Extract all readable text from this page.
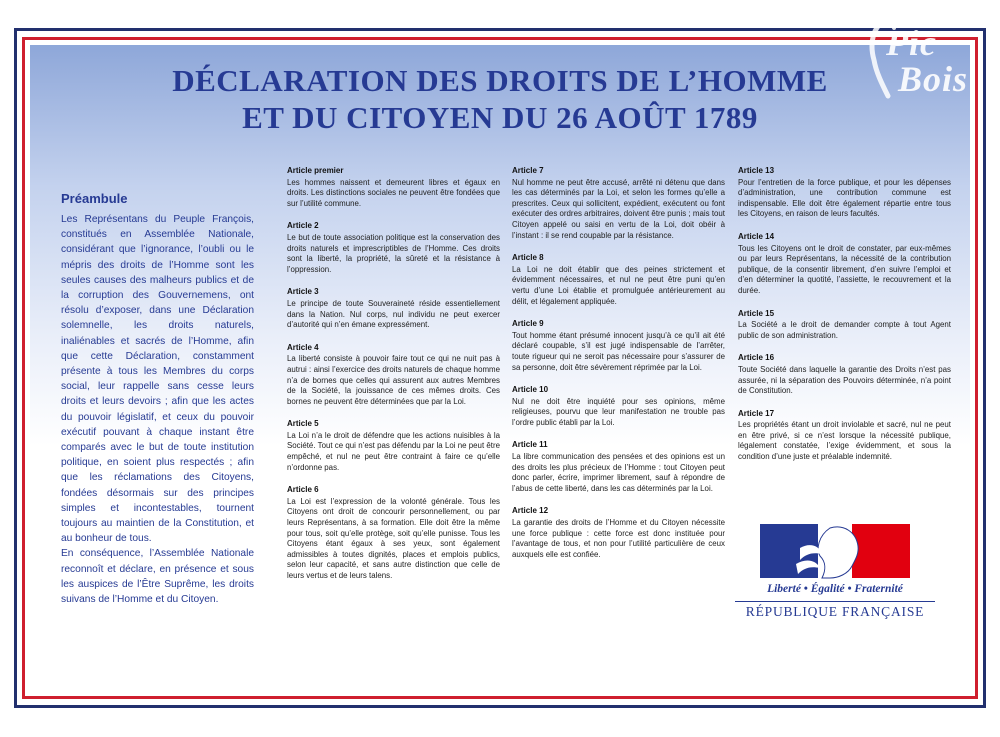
Pic
Bois
DÉCLARATION DES DROITS DE L’HOMME
ET DU CITOYEN DU 26 AOÛT 1789
Préambule

Les Représentans du Peuple François, constitués en Assemblée Nationale, considérant que l’ignorance, l’oubli ou le mépris des droits de l’Homme sont les seules causes des malheurs publics et de la corruption des Gouvernemens, ont résolu d’exposer, dans une Déclaration solemnelle, les droits naturels, inaliénables et sacrés de l’Homme, afin que cette Déclaration, constamment présente à tous les Membres du corps social, leur rappelle sans cesse leurs droits et leurs devoirs ; afin que les actes du pouvoir législatif, et ceux du pouvoir exécutif pouvant à chaque instant être comparés avec le but de toute institution politique, en soient plus respectés ; afin que les réclamations des Citoyens, fondées désormais sur des principes simples et incontestables, tournent toujours au maintien de la Constitution, et au bonheur de tous.

En conséquence, l’Assemblée Nationale reconnoît et déclare, en présence et sous les auspices de l’Être Suprême, les droits suivans de l’Homme et du Citoyen.

Article premier

Les hommes naissent et demeurent libres et égaux en droits. Les distinctions sociales ne peuvent être fondées que sur l’utilité commune.

Article 2

Le but de toute association politique est la conservation des droits naturels et imprescriptibles de l’Homme. Ces droits sont la liberté, la propriété, la sûreté et la résistance à l’oppression.

Article 3

Le principe de toute Souveraineté réside essentiellement dans la Nation. Nul corps, nul individu ne peut exercer d’autorité qui n’en émane expressément.

Article 4

La liberté consiste à pouvoir faire tout ce qui ne nuit pas à autrui : ainsi l’exercice des droits naturels de chaque homme n’a de bornes que celles qui assurent aux autres Membres de la Société, la jouissance de ces mêmes droits. Ces bornes ne peuvent être déterminées que par la Loi.

Article 5

La Loi n’a le droit de défendre que les actions nuisibles à la Société. Tout ce qui n’est pas défendu par la Loi ne peut être empêché, et nul ne peut être contraint à faire ce qu’elle n’ordonne pas.

Article 6

La Loi est l’expression de la volonté générale. Tous les Citoyens ont droit de concourir personnellement, ou par leurs Représentans, à sa formation. Elle doit être la même pour tous, soit qu’elle protège, soit qu’elle punisse. Tous les Citoyens étant égaux à ses yeux, sont également admissibles à toutes dignités, places et emplois publics, selon leur capacité, et sans autre distinction que celle de leurs vertus et de leurs talens.

Article 7

Nul homme ne peut être accusé, arrêté ni détenu que dans les cas déterminés par la Loi, et selon les formes qu’elle a prescrites. Ceux qui sollicitent, expédient, exécutent ou font exécuter des ordres arbitraires, doivent être punis ; mais tout Citoyen appelé ou saisi en vertu de la Loi, doit obéir à l’instant : il se rend coupable par la résistance.

Article 8

La Loi ne doit établir que des peines strictement et évidemment nécessaires, et nul ne peut être puni qu’en vertu d’une Loi établie et promulguée antérieurement au délit, et légalement appliquée.

Article 9

Tout homme étant présumé innocent jusqu’à ce qu’il ait été déclaré coupable, s’il est jugé indispensable de l’arrêter, toute rigueur qui ne seroit pas nécessaire pour s’assurer de sa personne, doit être sévèrement réprimée par la Loi.

Article 10

Nul ne doit être inquiété pour ses opinions, même religieuses, pourvu que leur manifestation ne trouble pas l’ordre public établi par la Loi.

Article 11

La libre communication des pensées et des opinions est un des droits les plus précieux de l’Homme : tout Citoyen peut donc parler, écrire, imprimer librement, sauf à répondre de l’abus de cette liberté, dans les cas déterminés par la Loi.

Article 12

La garantie des droits de l’Homme et du Citoyen nécessite une force publique : cette force est donc instituée pour l’avantage de tous, et non pour l’utilité particulière de ceux auxquels elle est confiée.

Article 13

Pour l’entretien de la force publique, et pour les dépenses d’administration, une contribution commune est indispensable. Elle doit être également répartie entre tous les Citoyens, en raison de leurs facultés.

Article 14

Tous les Citoyens ont le droit de constater, par eux-mêmes ou par leurs Représentans, la nécessité de la contribution publique, de la consentir librement, d’en suivre l’emploi et d’en déterminer la quotité, l’assiette, le recouvrement et la durée.

Article 15

La Société a le droit de demander compte à tout Agent public de son administration.

Article 16

Toute Société dans laquelle la garantie des Droits n’est pas assurée, ni la séparation des Pouvoirs déterminée, n’a point de Constitution.

Article 17

Les propriétés étant un droit inviolable et sacré, nul ne peut en être privé, si ce n’est lorsque la nécessité publique, légalement constatée, l’exige évidemment, et sous la condition d’une juste et préalable indemnité.

Liberté • Égalité • Fraternité
RÉPUBLIQUE FRANÇAISE
